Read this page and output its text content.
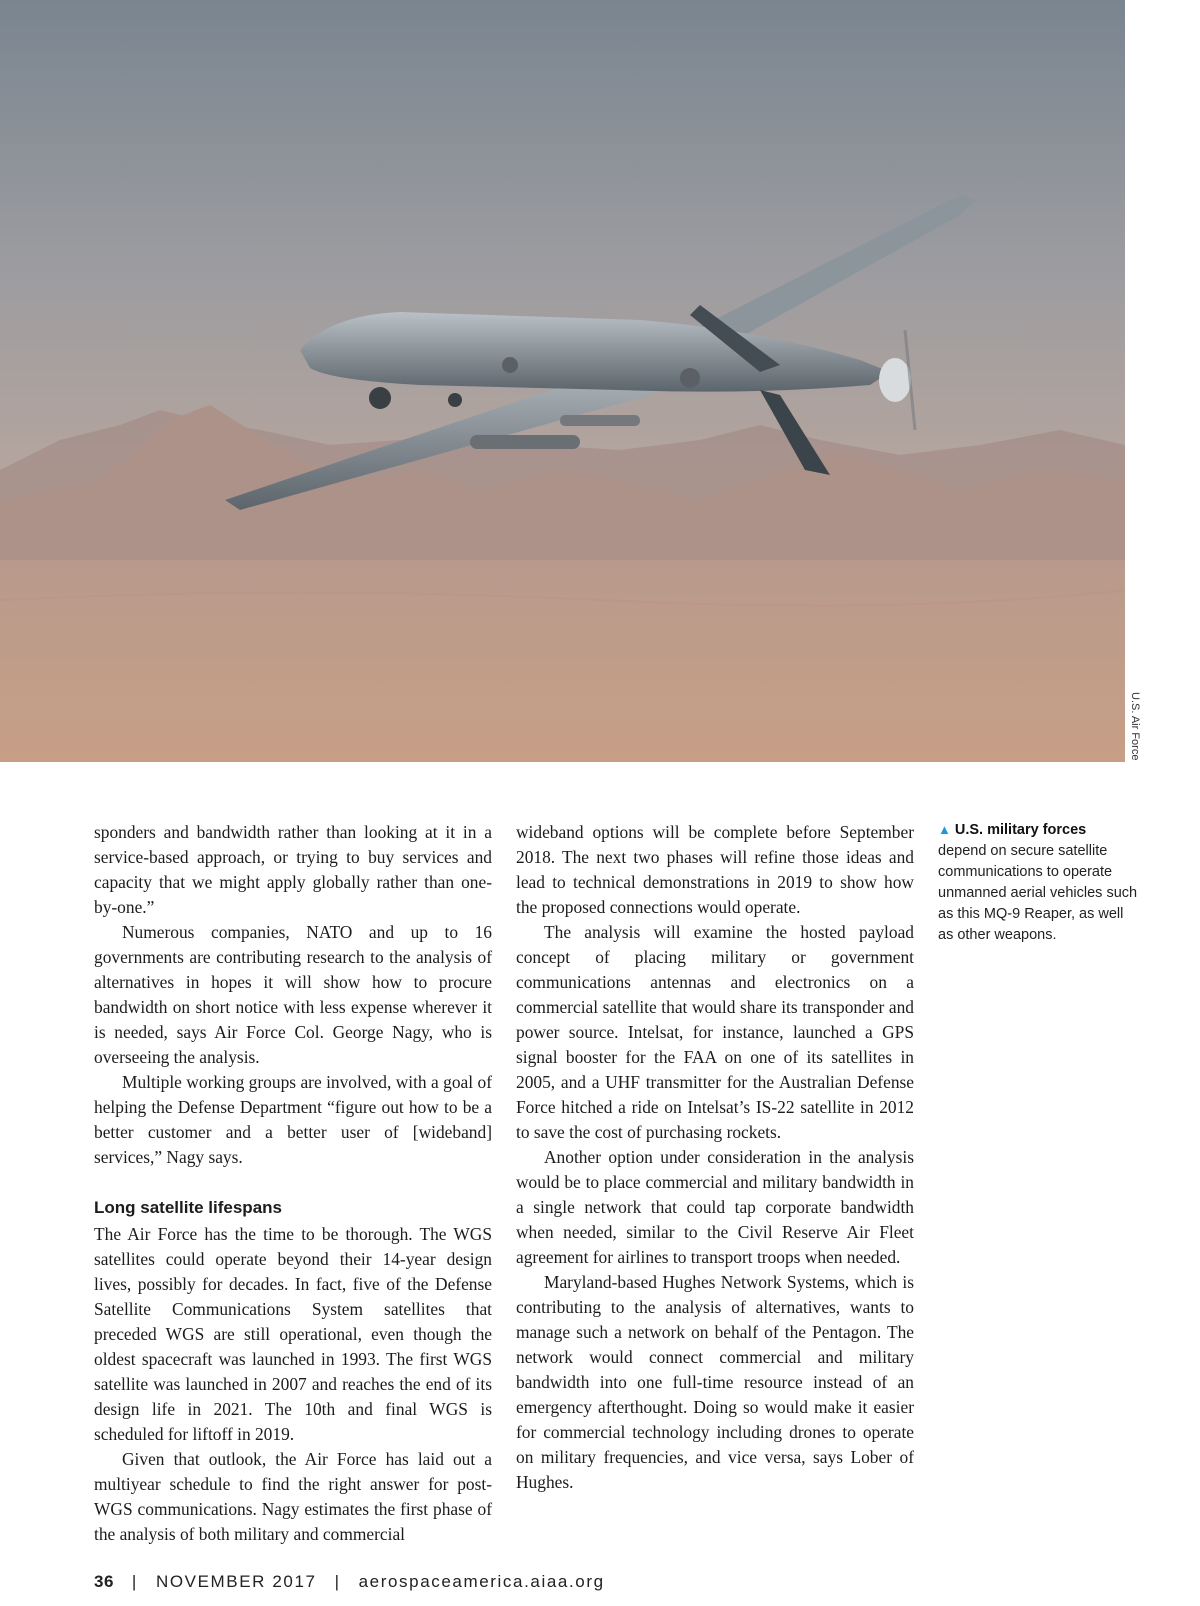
U.S. Air Force

sponders and bandwidth rather than looking at it in a service-based approach, or trying to buy services and capacity that we might apply globally rather than one-by-one.”

Numerous companies, NATO and up to 16 governments are contributing research to the analysis of alternatives in hopes it will show how to procure bandwidth on short notice with less expense wherever it is needed, says Air Force Col. George Nagy, who is overseeing the analysis.

Multiple working groups are involved, with a goal of helping the Defense Department “figure out how to be a better customer and a better user of [wideband] services,” Nagy says.

Long satellite lifespans

The Air Force has the time to be thorough. The WGS satellites could operate beyond their 14-year design lives, possibly for decades. In fact, five of the Defense Satellite Communications System satellites that preceded WGS are still operational, even though the oldest spacecraft was launched in 1993. The first WGS satellite was launched in 2007 and reaches the end of its design life in 2021. The 10th and final WGS is scheduled for liftoff in 2019.

Given that outlook, the Air Force has laid out a multiyear schedule to find the right answer for post-WGS communications. Nagy estimates the first phase of the analysis of both military and commercial

wideband options will be complete before September 2018. The next two phases will refine those ideas and lead to technical demonstrations in 2019 to show how the proposed connections would operate.

The analysis will examine the hosted payload concept of placing military or government communications antennas and electronics on a commercial satellite that would share its transponder and power source. Intelsat, for instance, launched a GPS signal booster for the FAA on one of its satellites in 2005, and a UHF transmitter for the Australian Defense Force hitched a ride on Intelsat’s IS-22 satellite in 2012 to save the cost of purchasing rockets.

Another option under consideration in the analysis would be to place commercial and military bandwidth in a single network that could tap corporate bandwidth when needed, similar to the Civil Reserve Air Fleet agreement for airlines to transport troops when needed.

Maryland-based Hughes Network Systems, which is contributing to the analysis of alternatives, wants to manage such a network on behalf of the Pentagon. The network would connect commercial and military bandwidth into one full-time resource instead of an emergency afterthought. Doing so would make it easier for commercial technology including drones to operate on military frequencies, and vice versa, says Lober of Hughes.

▲ U.S. military forces depend on secure satellite communications to operate unmanned aerial vehicles such as this MQ-9 Reaper, as well as other weapons.
36 | NOVEMBER 2017 | aerospaceamerica.aiaa.org
